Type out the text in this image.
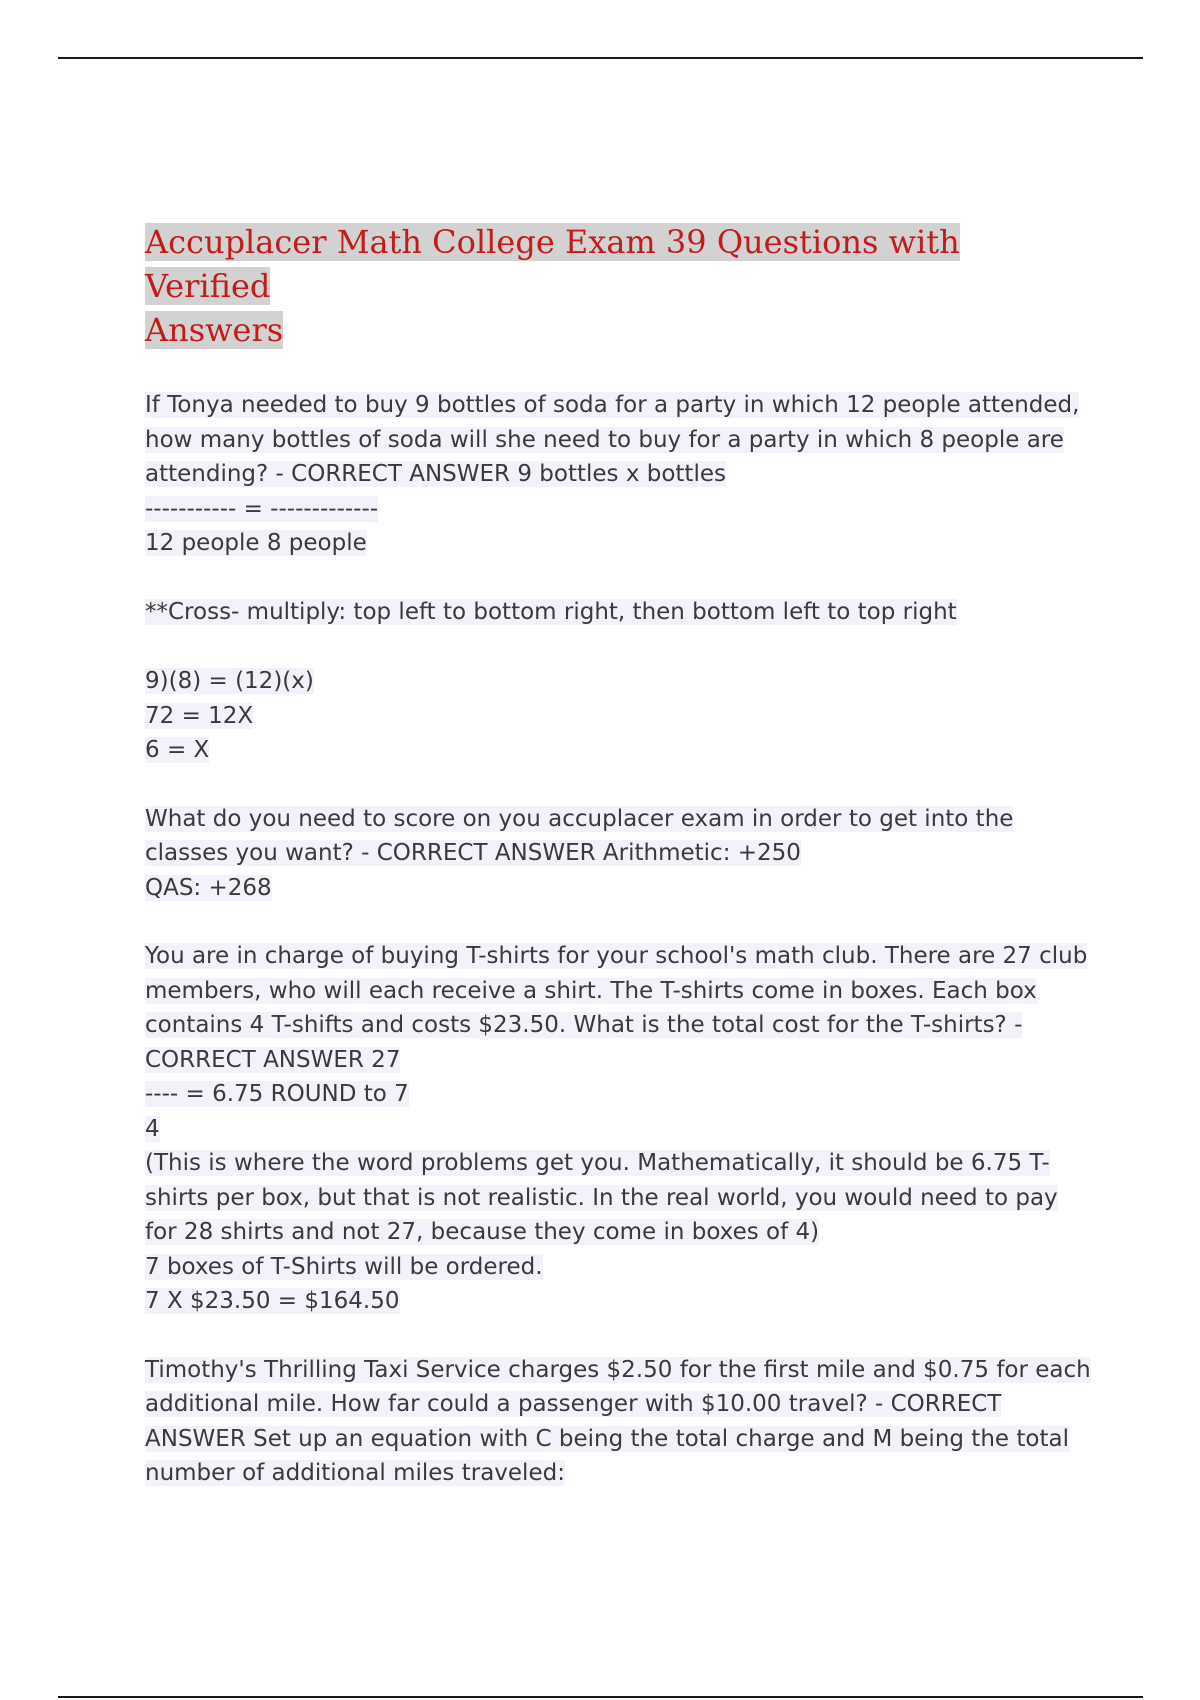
Accuplacer Math College Exam 39 Questions with Verified
Answers
If Tonya needed to buy 9 bottles of soda for a party in which 12 people attended,
how many bottles of soda will she need to buy for a party in which 8 people are
attending? - CORRECT ANSWER 9 bottles x bottles
----------- = -------------
12 people 8 people
**Cross- multiply: top left to bottom right, then bottom left to top right
9)(8) = (12)(x)
72 = 12X
6 = X
What do you need to score on you accuplacer exam in order to get into the
classes you want? - CORRECT ANSWER Arithmetic: +250
QAS: +268
You are in charge of buying T-shirts for your school's math club. There are 27 club
members, who will each receive a shirt. The T-shirts come in boxes. Each box
contains 4 T-shifts and costs $23.50. What is the total cost for the T-shirts? -
CORRECT ANSWER 27
---- = 6.75 ROUND to 7
4
(This is where the word problems get you. Mathematically, it should be 6.75 T-
shirts per box, but that is not realistic. In the real world, you would need to pay
for 28 shirts and not 27, because they come in boxes of 4)
7 boxes of T-Shirts will be ordered.
7 X $23.50 = $164.50
Timothy's Thrilling Taxi Service charges $2.50 for the first mile and $0.75 for each
additional mile. How far could a passenger with $10.00 travel? - CORRECT
ANSWER Set up an equation with C being the total charge and M being the total
number of additional miles traveled:
